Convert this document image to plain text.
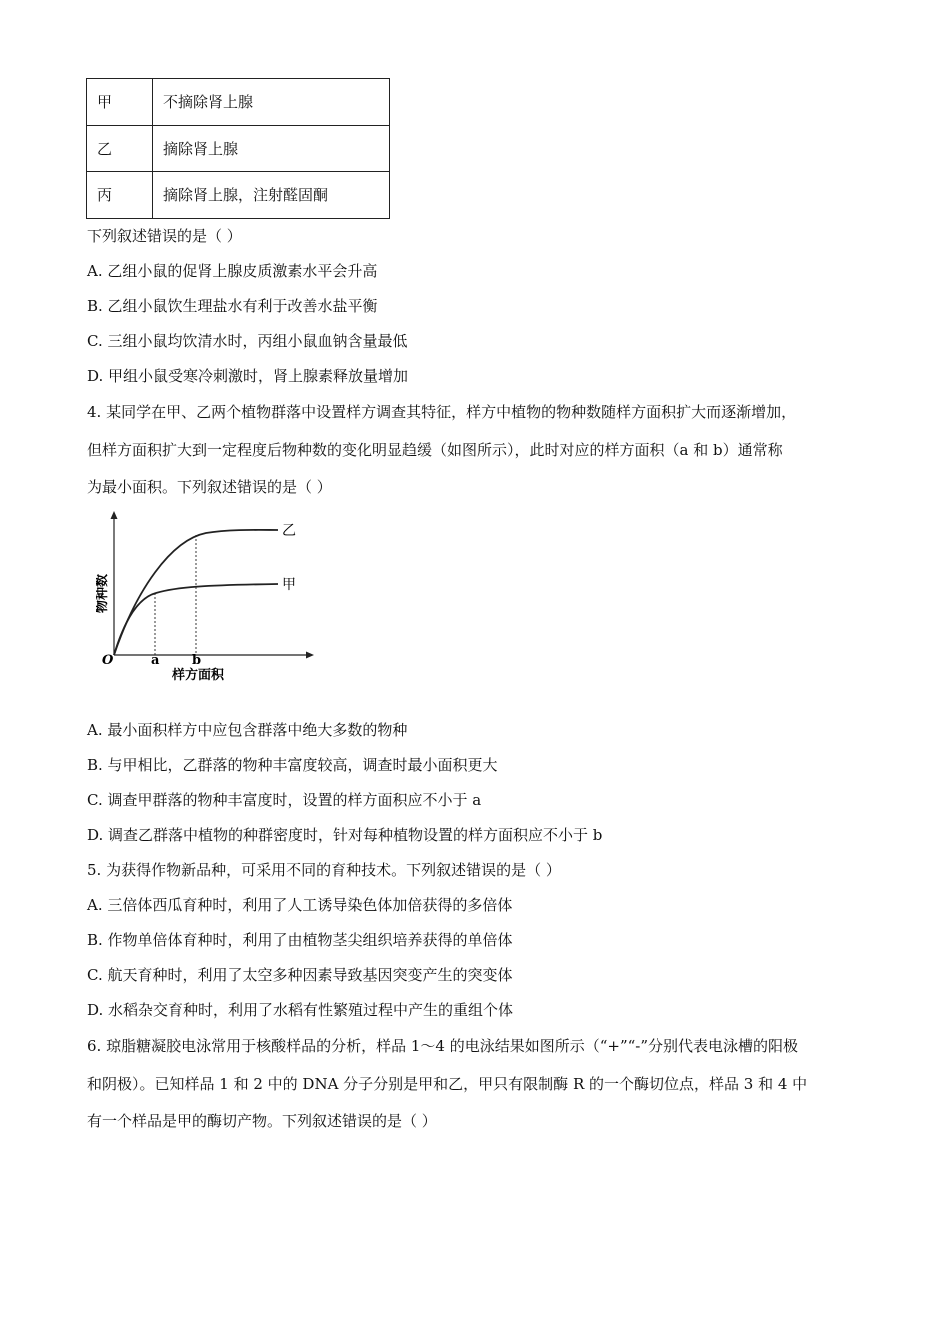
甲	不摘除肾上腺
乙	摘除肾上腺
丙	摘除肾上腺，注射醛固酮
下列叙述错误的是（ ）
A. 乙组小鼠的促肾上腺皮质激素水平会升高
B. 乙组小鼠饮生理盐水有利于改善水盐平衡
C. 三组小鼠均饮清水时，丙组小鼠血钠含量最低
D. 甲组小鼠受寒冷刺激时，肾上腺素释放量增加
4. 某同学在甲、乙两个植物群落中设置样方调查其特征，样方中植物的物种数随样方面积扩大而逐渐增加，
但样方面积扩大到一定程度后物种数的变化明显趋缓（如图所示），此时对应的样方面积（a 和 b）通常称
为最小面积。下列叙述错误的是（ ）
乙
甲
O	a	b
样方面积
物种数
A. 最小面积样方中应包含群落中绝大多数的物种
B. 与甲相比，乙群落的物种丰富度较高，调查时最小面积更大
C. 调查甲群落的物种丰富度时，设置的样方面积应不小于 a
D. 调查乙群落中植物的种群密度时，针对每种植物设置的样方面积应不小于 b
5. 为获得作物新品种，可采用不同的育种技术。下列叙述错误的是（ ）
A. 三倍体西瓜育种时，利用了人工诱导染色体加倍获得的多倍体
B. 作物单倍体育种时，利用了由植物茎尖组织培养获得的单倍体
C. 航天育种时，利用了太空多种因素导致基因突变产生的突变体
D. 水稻杂交育种时，利用了水稻有性繁殖过程中产生的重组个体
6. 琼脂糖凝胶电泳常用于核酸样品的分析，样品 1～4 的电泳结果如图所示（“+”“-”分别代表电泳槽的阳极
和阴极）。已知样品 1 和 2 中的 DNA 分子分别是甲和乙，甲只有限制酶 R 的一个酶切位点，样品 3 和 4 中
有一个样品是甲的酶切产物。下列叙述错误的是（ ）
